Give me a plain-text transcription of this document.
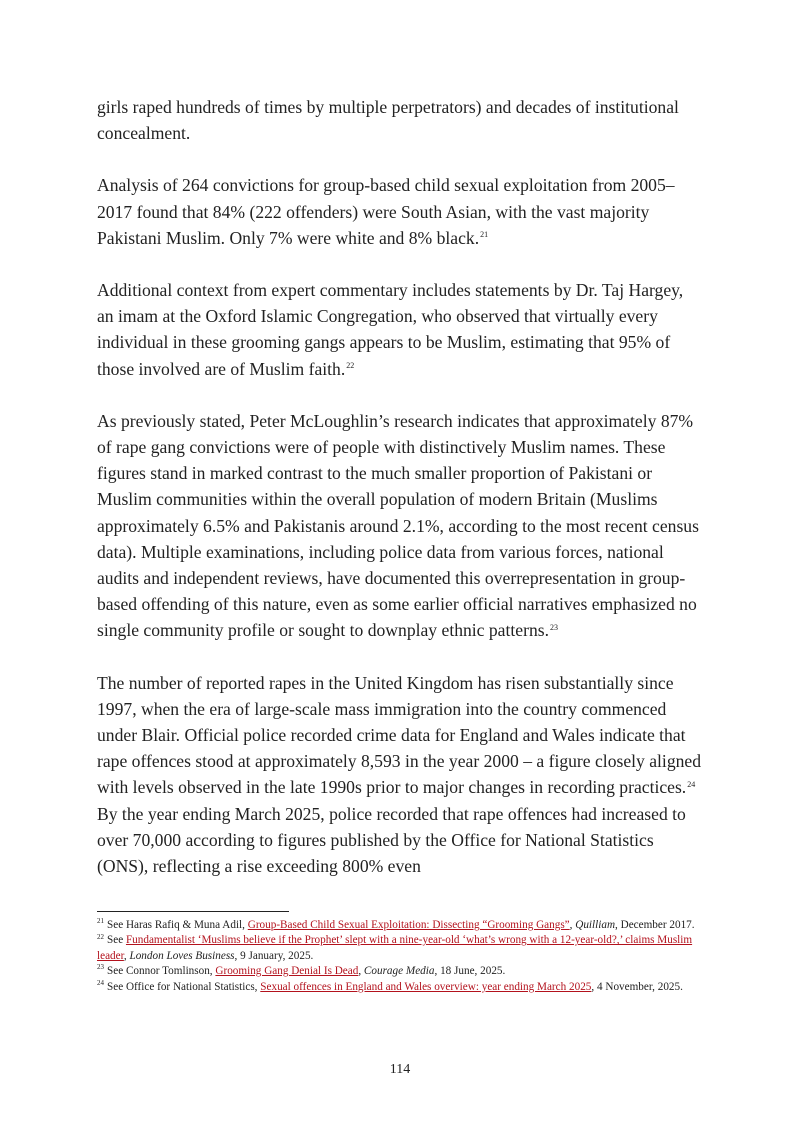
girls raped hundreds of times by multiple perpetrators) and decades of institutional concealment.

Analysis of 264 convictions for group-based child sexual exploitation from 2005–2017 found that 84% (222 offenders) were South Asian, with the vast majority Pakistani Muslim. Only 7% were white and 8% black.$^{21}$

Additional context from expert commentary includes statements by Dr. Taj Hargey, an imam at the Oxford Islamic Congregation, who observed that virtually every individual in these grooming gangs appears to be Muslim, estimating that 95% of those involved are of Muslim faith.$^{22}$

As previously stated, Peter McLoughlin’s research indicates that approximately 87% of rape gang convictions were of people with distinctively Muslim names. These figures stand in marked contrast to the much smaller proportion of Pakistani or Muslim communities within the overall population of modern Britain (Muslims approximately 6.5% and Pakistanis around 2.1%, according to the most recent census data). Multiple examinations, including police data from various forces, national audits and independent reviews, have documented this overrepresentation in group-based offending of this nature, even as some earlier official narratives emphasized no single community profile or sought to downplay ethnic patterns.$^{23}$

The number of reported rapes in the United Kingdom has risen substantially since 1997, when the era of large-scale mass immigration into the country commenced under Blair. Official police recorded crime data for England and Wales indicate that rape offences stood at approximately 8,593 in the year 2000 – a figure closely aligned with levels observed in the late 1990s prior to major changes in recording practices.$^{24}$ By the year ending March 2025, police recorded that rape offences had increased to over 70,000 according to figures published by the Office for National Statistics (ONS), reflecting a rise exceeding 800% even

$^{21}$ See Haras Rafiq & Muna Adil, Group-Based Child Sexual Exploitation: Dissecting “Grooming Gangs”, Quilliam, December 2017.

$^{22}$ See Fundamentalist ‘Muslims believe if the Prophet’ slept with a nine-year-old ‘what’s wrong with a 12-year-old?,’ claims Muslim leader, London Loves Business, 9 January, 2025.

$^{23}$ See Connor Tomlinson, Grooming Gang Denial Is Dead, Courage Media, 18 June, 2025.

$^{24}$ See Office for National Statistics, Sexual offences in England and Wales overview: year ending March 2025, 4 November, 2025.

114
